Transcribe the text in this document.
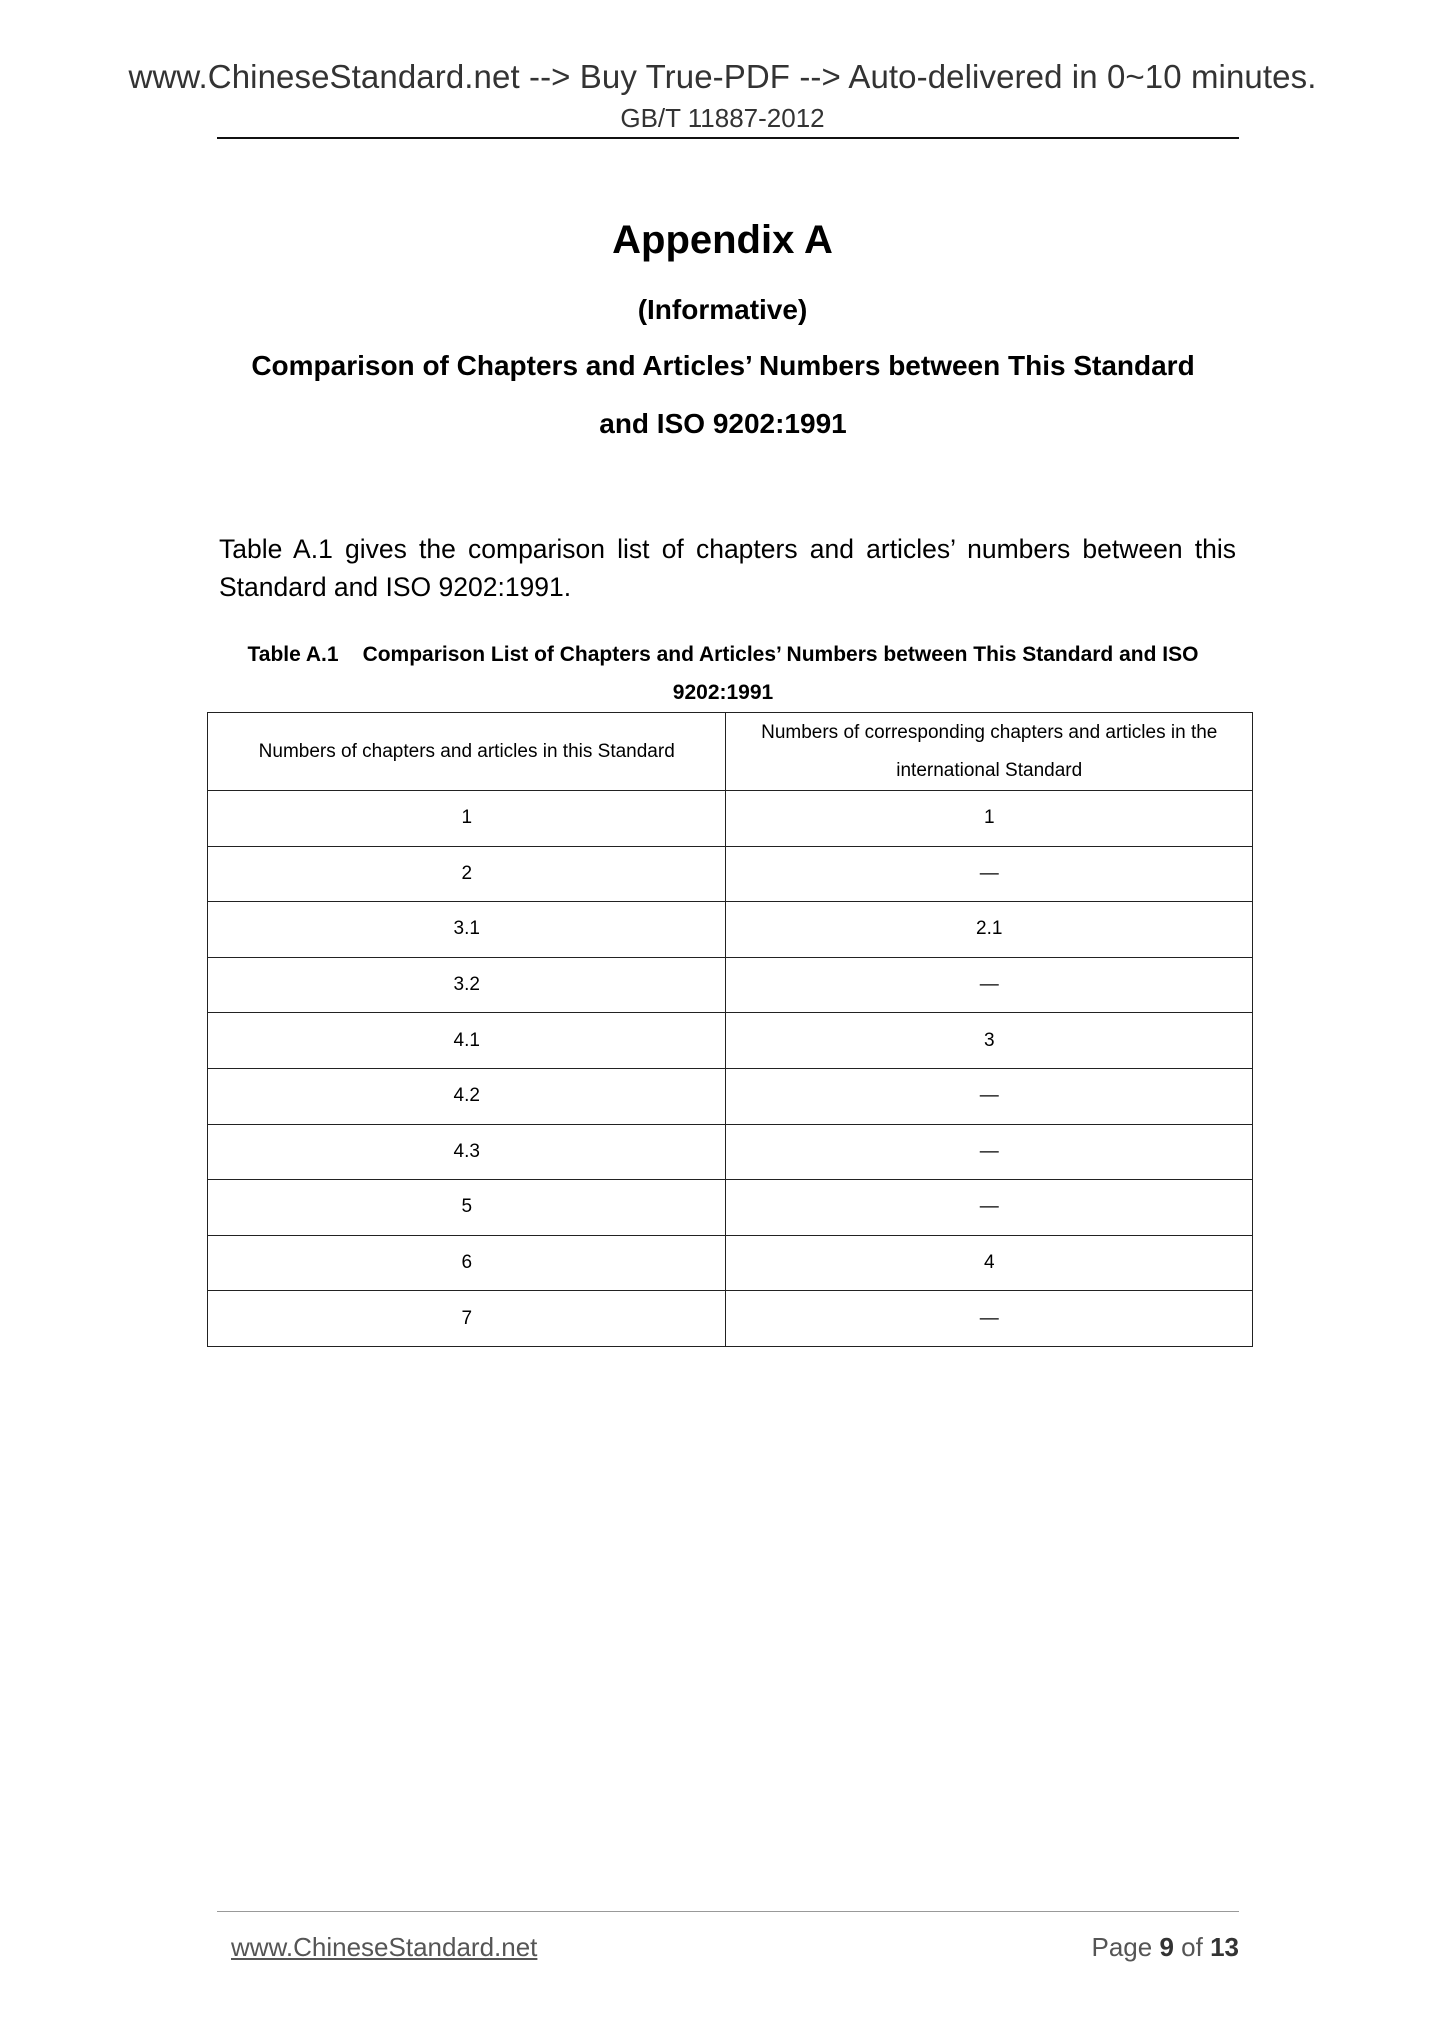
www.ChineseStandard.net --> Buy True-PDF --> Auto-delivered in 0~10 minutes.
GB/T 11887-2012
Appendix A
(Informative)
Comparison of Chapters and Articles’ Numbers between This Standard
and ISO 9202:1991
Table A.1 gives the comparison list of chapters and articles’ numbers between this
Standard and ISO 9202:1991.
Table A.1 Comparison List of Chapters and Articles’ Numbers between This Standard and ISO
9202:1991
Numbers of chapters and articles in this Standard	Numbers of corresponding chapters and articles in the international Standard
1	1
2	—
3.1	2.1
3.2	—
4.1	3
4.2	—
4.3	—
5	—
6	4
7	—
www.ChineseStandard.net	Page 9 of 13
